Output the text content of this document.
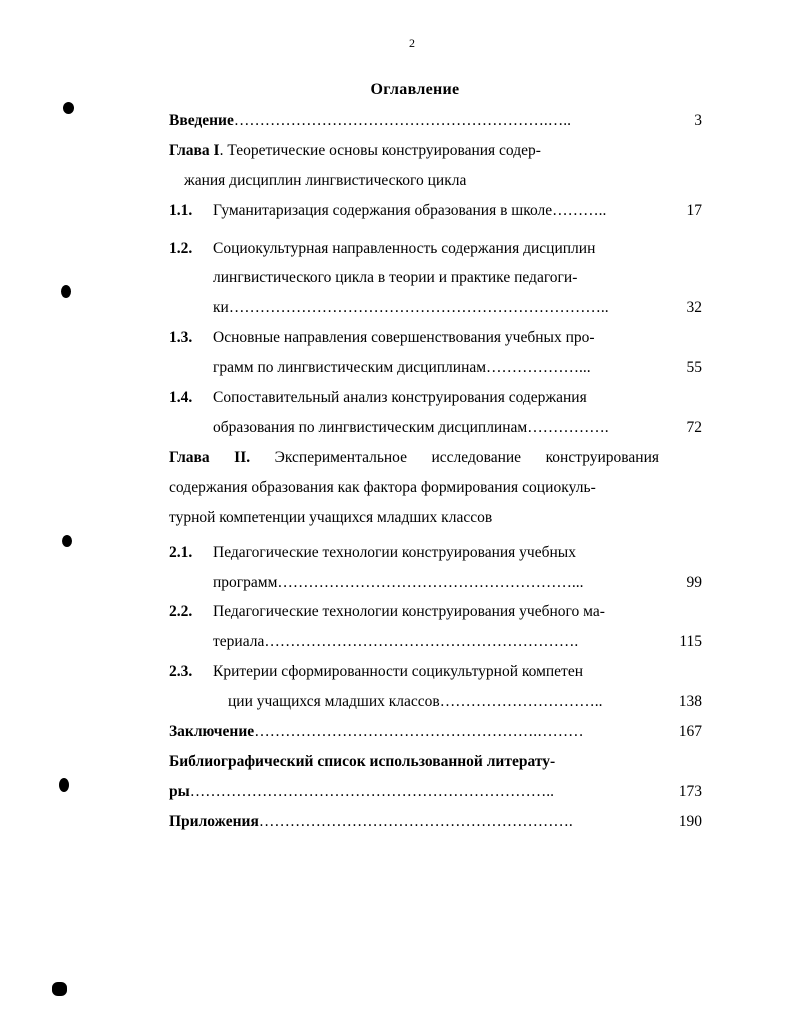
2
Оглавление
Введение…………………………………………………….…..	3
Глава I. Теоретические основы конструирования содер-
жания дисциплин лингвистического цикла
1.1. Гуманитаризация содержания образования в школе………..	17
1.2. Социокультурная направленность содержания дисциплин
лингвистического цикла в теории и практике педагоги-
ки………………………………………………………………..	32
1.3. Основные направления совершенствования учебных про-
грамм по лингвистическим дисциплинам………………...	55
1.4. Сопоставительный анализ конструирования содержания
образования по лингвистическим дисциплинам…………….	72
Глава II. Экспериментальное исследование конструирования
содержания образования как фактора формирования социокуль-
турной компетенции учащихся младших классов
2.1. Педагогические технологии конструирования учебных
программ…………………………………………………...	99
2.2. Педагогические технологии конструирования учебного ма-
териала…………………………………………………….	115
2.3. Критерии сформированности социкультурной компетен
ции учащихся младших классов…………………………..	138
Заключение……………………………………………….………	167
Библиографический список использованной литерату-
ры……………………………………………………………..	173
Приложения…………………………………………………….	190
